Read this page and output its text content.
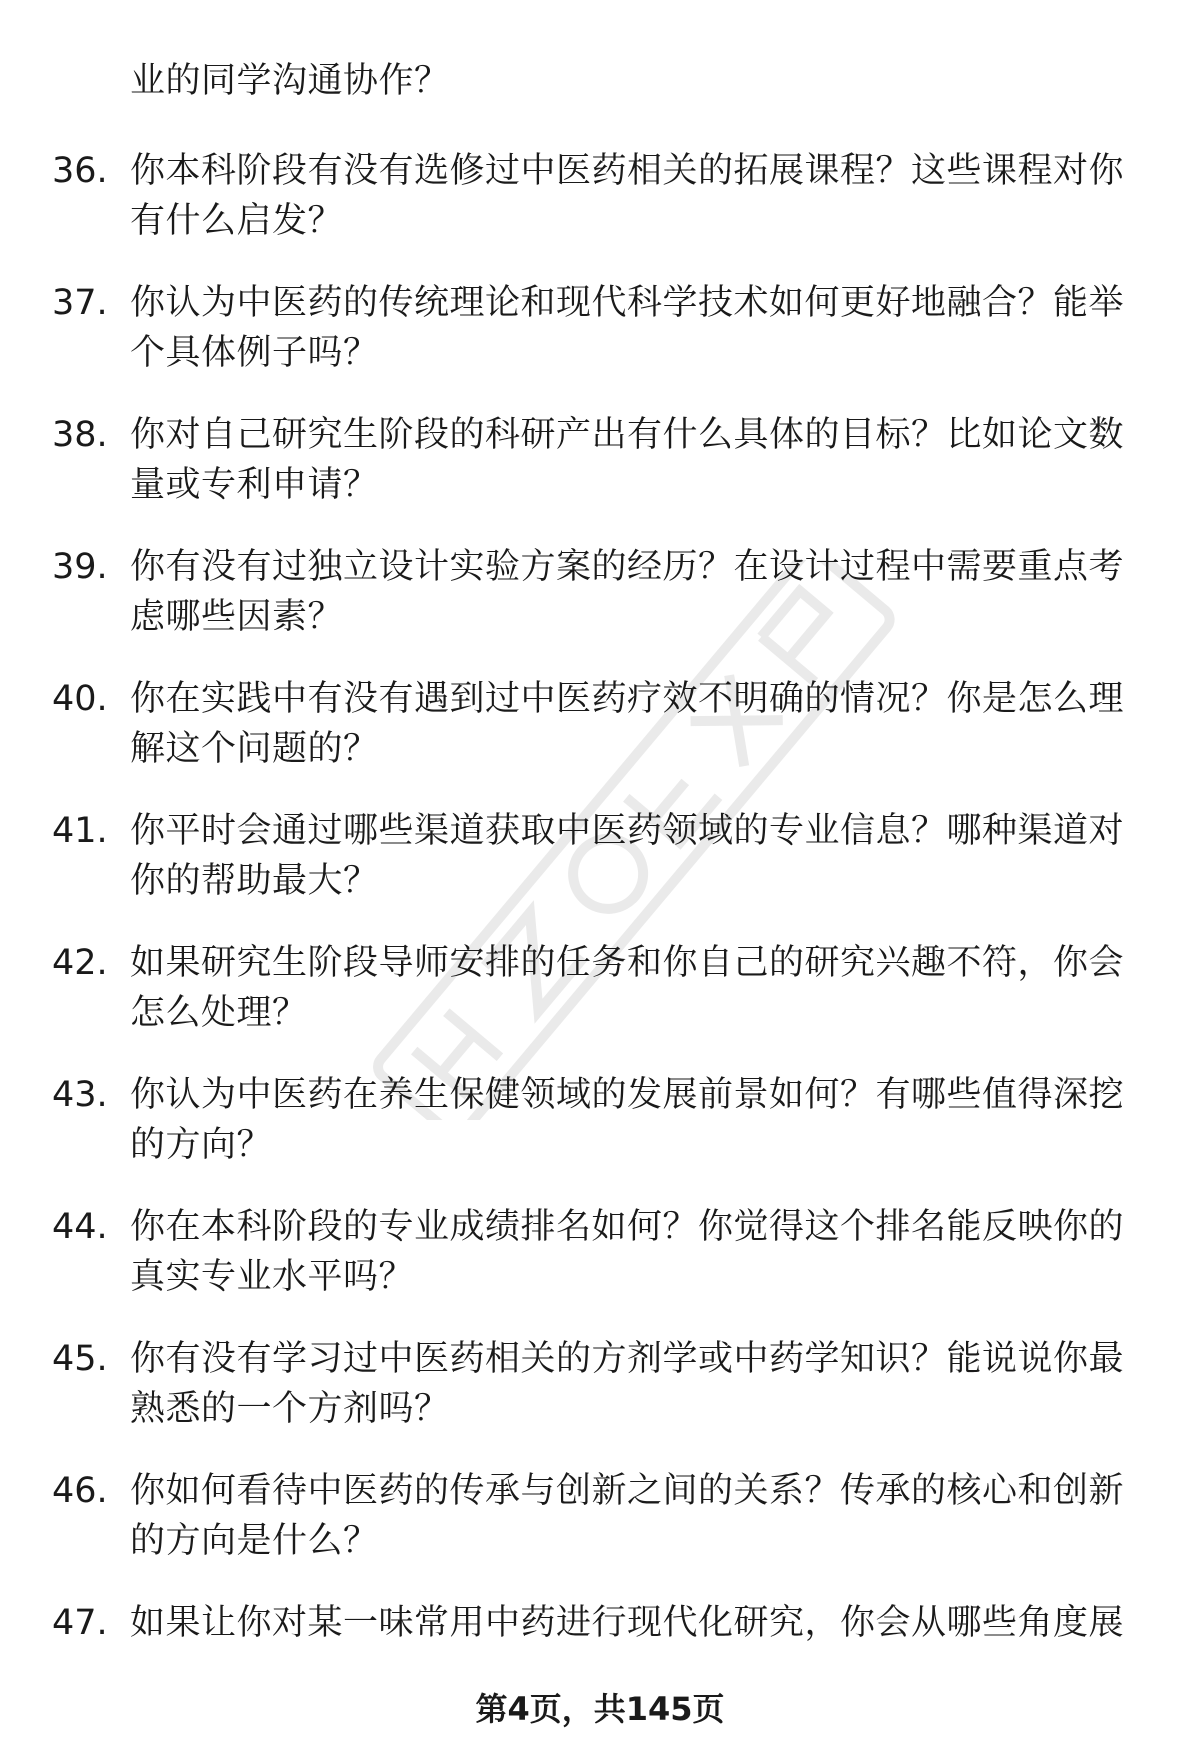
业的同学沟通协作？
36. 你本科阶段有没有选修过中医药相关的拓展课程？这些课程对你有什么启发？
37. 你认为中医药的传统理论和现代科学技术如何更好地融合？能举个具体例子吗？
38. 你对自己研究生阶段的科研产出有什么具体的目标？比如论文数量或专利申请？
39. 你有没有过独立设计实验方案的经历？在设计过程中需要重点考虑哪些因素？
40. 你在实践中有没有遇到过中医药疗效不明确的情况？你是怎么理解这个问题的？
41. 你平时会通过哪些渠道获取中医药领域的专业信息？哪种渠道对你的帮助最大？
42. 如果研究生阶段导师安排的任务和你自己的研究兴趣不符，你会怎么处理？
43. 你认为中医药在养生保健领域的发展前景如何？有哪些值得深挖的方向？
44. 你在本科阶段的专业成绩排名如何？你觉得这个排名能反映你的真实专业水平吗？
45. 你有没有学习过中医药相关的方剂学或中药学知识？能说说你最熟悉的一个方剂吗？
46. 你如何看待中医药的传承与创新之间的关系？传承的核心和创新的方向是什么？
47. 如果让你对某一味常用中药进行现代化研究，你会从哪些角度展
第4页，共145页
